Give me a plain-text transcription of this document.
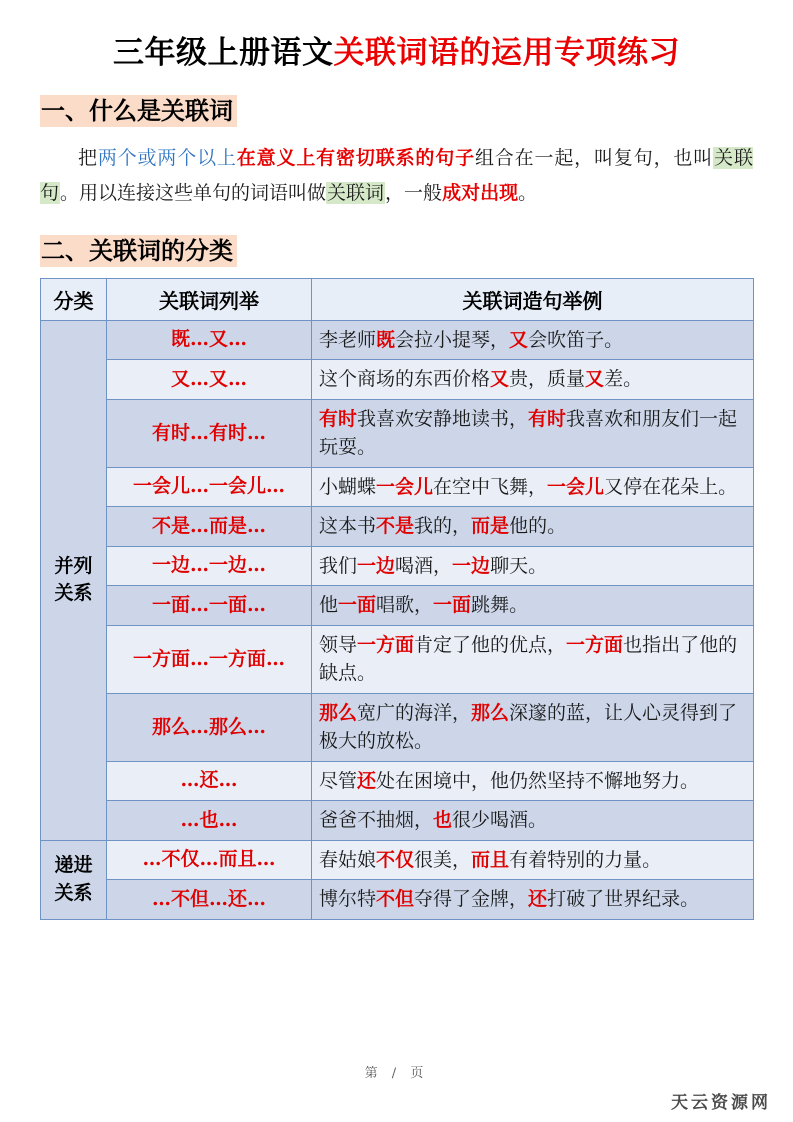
三年级上册语文关联词语的运用专项练习
一、什么是关联词

把两个或两个以上在意义上有密切联系的句子组合在一起，叫复句，也叫关联句。用以连接这些单句的词语叫做关联词，一般成对出现。

二、关联词的分类
分类	关联词列举	关联词造句举例
并列关系	既…又…	李老师既会拉小提琴，又会吹笛子。
	又…又…	这个商场的东西价格又贵，质量又差。
	有时…有时…	有时我喜欢安静地读书，有时我喜欢和朋友们一起玩耍。
	一会儿…一会儿…	小蝴蝶一会儿在空中飞舞，一会儿又停在花朵上。
	不是…而是…	这本书不是我的，而是他的。
	一边…一边…	我们一边喝酒，一边聊天。
	一面…一面…	他一面唱歌，一面跳舞。
	一方面…一方面…	领导一方面肯定了他的优点，一方面也指出了他的缺点。
	那么…那么…	那么宽广的海洋，那么深邃的蓝，让人心灵得到了极大的放松。
	…还…	尽管还处在困境中，他仍然坚持不懈地努力。
	…也…	爸爸不抽烟，也很少喝酒。
递进关系	…不仅…而且…	春姑娘不仅很美，而且有着特别的力量。
	…不但…还…	博尔特不但夺得了金牌，还打破了世界纪录。
第 / 页
天云资源网
